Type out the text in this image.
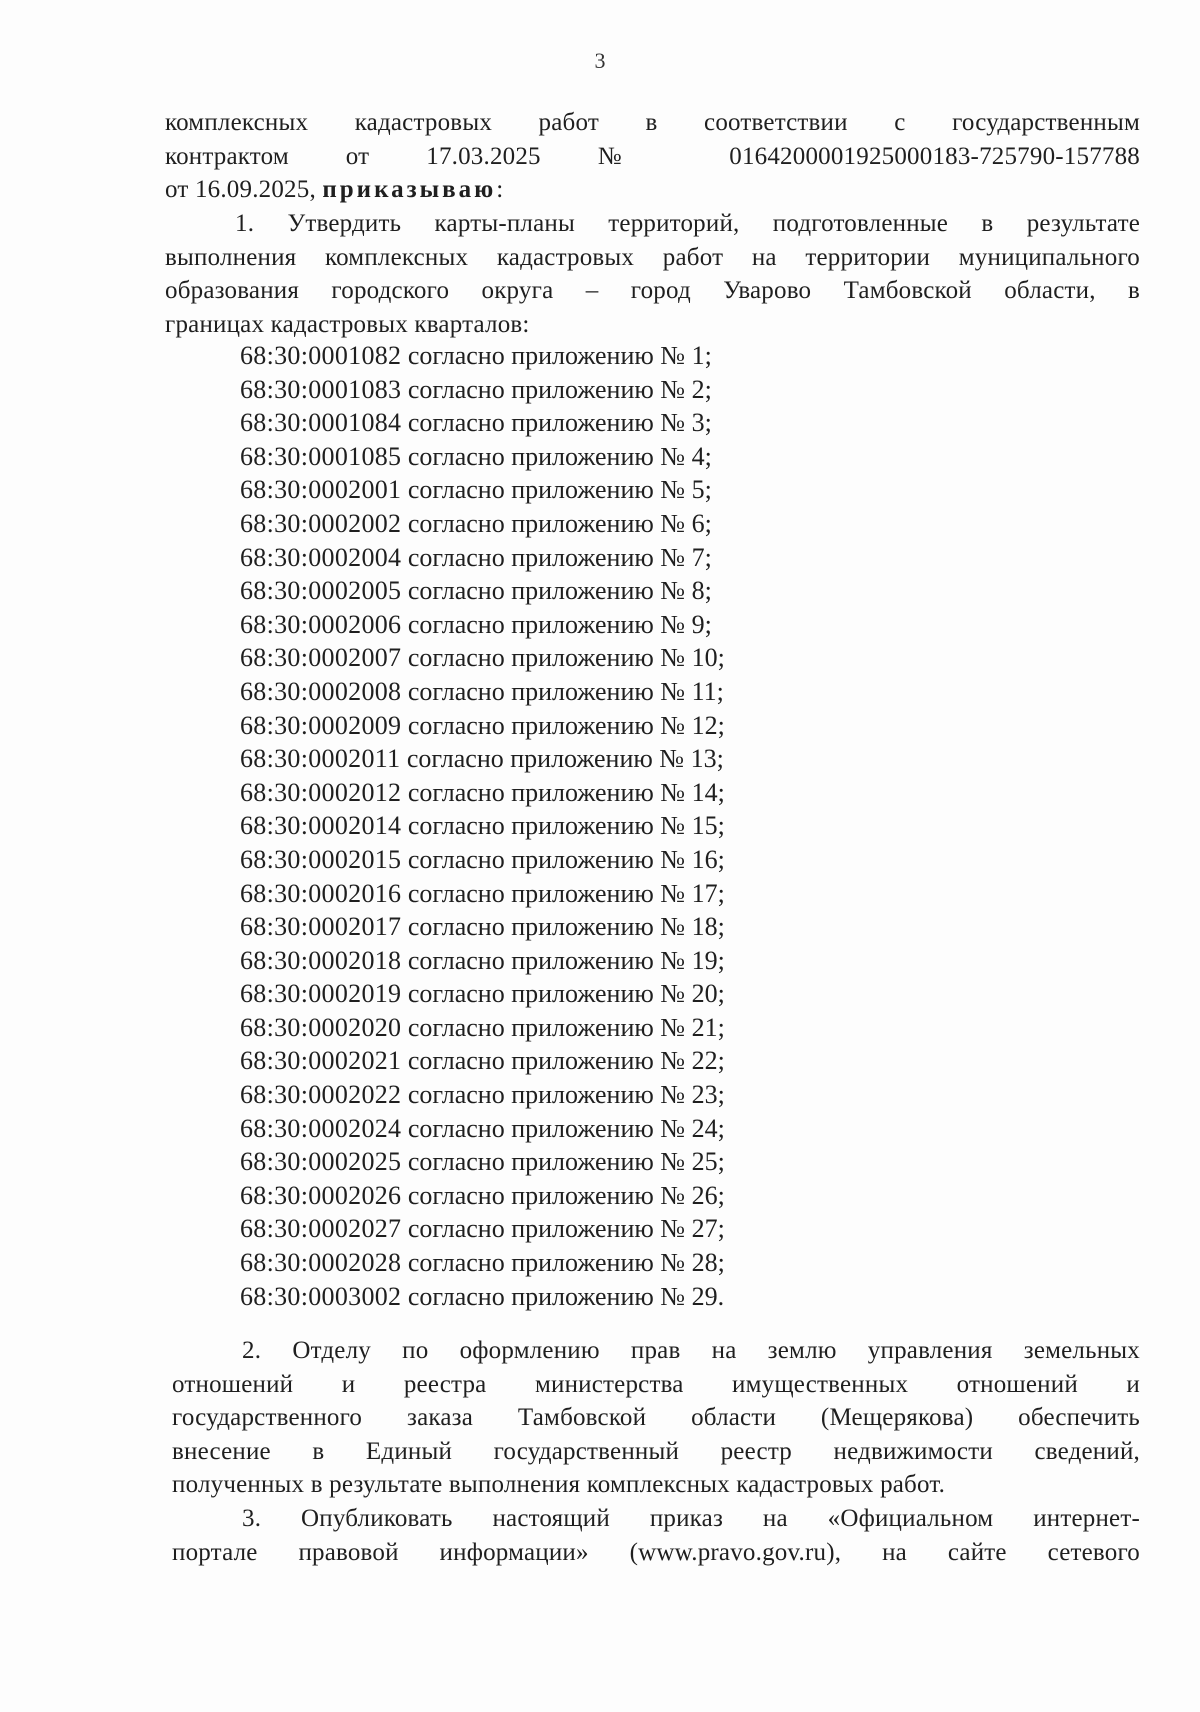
3
комплексных кадастровых работ в соответствии с государственным
контрактом от 17.03.2025 № 0164200001925000183-725790-157788
от 16.09.2025, приказываю:
1. Утвердить карты-планы территорий, подготовленные в результате
выполнения комплексных кадастровых работ на территории муниципального
образования городского округа – город Уварово Тамбовской области, в
границах кадастровых кварталов:
68:30:0001082 согласно приложению № 1;
68:30:0001083 согласно приложению № 2;
68:30:0001084 согласно приложению № 3;
68:30:0001085 согласно приложению № 4;
68:30:0002001 согласно приложению № 5;
68:30:0002002 согласно приложению № 6;
68:30:0002004 согласно приложению № 7;
68:30:0002005 согласно приложению № 8;
68:30:0002006 согласно приложению № 9;
68:30:0002007 согласно приложению № 10;
68:30:0002008 согласно приложению № 11;
68:30:0002009 согласно приложению № 12;
68:30:0002011 согласно приложению № 13;
68:30:0002012 согласно приложению № 14;
68:30:0002014 согласно приложению № 15;
68:30:0002015 согласно приложению № 16;
68:30:0002016 согласно приложению № 17;
68:30:0002017 согласно приложению № 18;
68:30:0002018 согласно приложению № 19;
68:30:0002019 согласно приложению № 20;
68:30:0002020 согласно приложению № 21;
68:30:0002021 согласно приложению № 22;
68:30:0002022 согласно приложению № 23;
68:30:0002024 согласно приложению № 24;
68:30:0002025 согласно приложению № 25;
68:30:0002026 согласно приложению № 26;
68:30:0002027 согласно приложению № 27;
68:30:0002028 согласно приложению № 28;
68:30:0003002 согласно приложению № 29.
2. Отделу по оформлению прав на землю управления земельных
отношений и реестра министерства имущественных отношений и
государственного заказа Тамбовской области (Мещерякова) обеспечить
внесение в Единый государственный реестр недвижимости сведений,
полученных в результате выполнения комплексных кадастровых работ.
3. Опубликовать настоящий приказ на «Официальном интернет-
портале правовой информации» (www.pravo.gov.ru), на сайте сетевого
